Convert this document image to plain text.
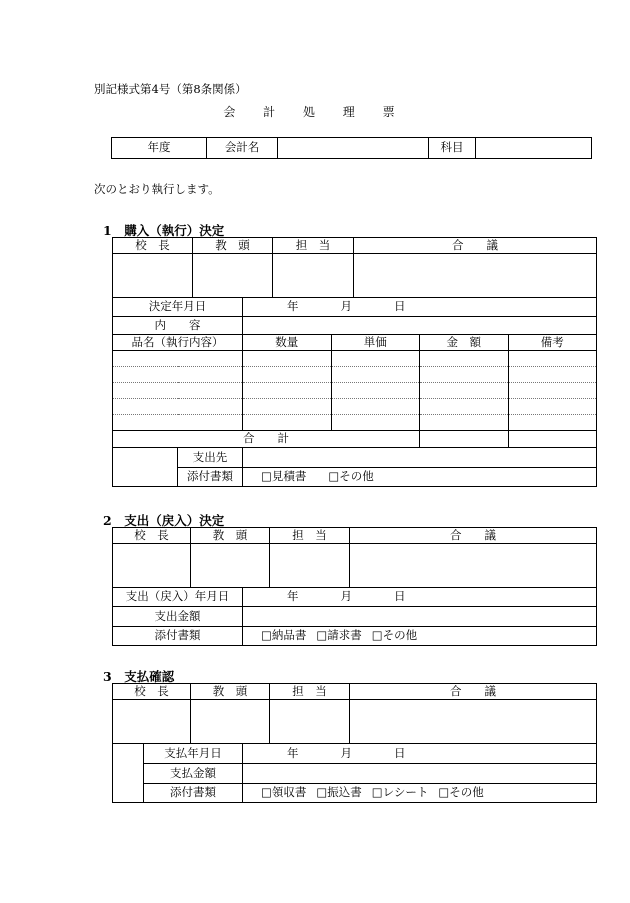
別記様式第4号（第8条関係）
会 計 処 理 票
年度	会計名		科目	
次のとおり執行します。
1　購入（執行）決定
校　長	教　頭	担　当	合　　議

決定年月日		年 月 日			
内　　容					
品名（執行内容）		数量	単価	金　額	備考

合　　計					
	支出先				
	添付書類	□見積書 □その他			
2　支出（戻入）決定
校　長	教　頭	担　当	合　　議

支出（戻入）年月日	年 月 日
支出金額	
添付書類	□納品書 □請求書 □その他
3　支払確認
校　長	教　頭	担　当	合　　議

	支払年月日	年 月 日
	支払金額	
	添付書類	□領収書 □振込書 □レシート □その他
